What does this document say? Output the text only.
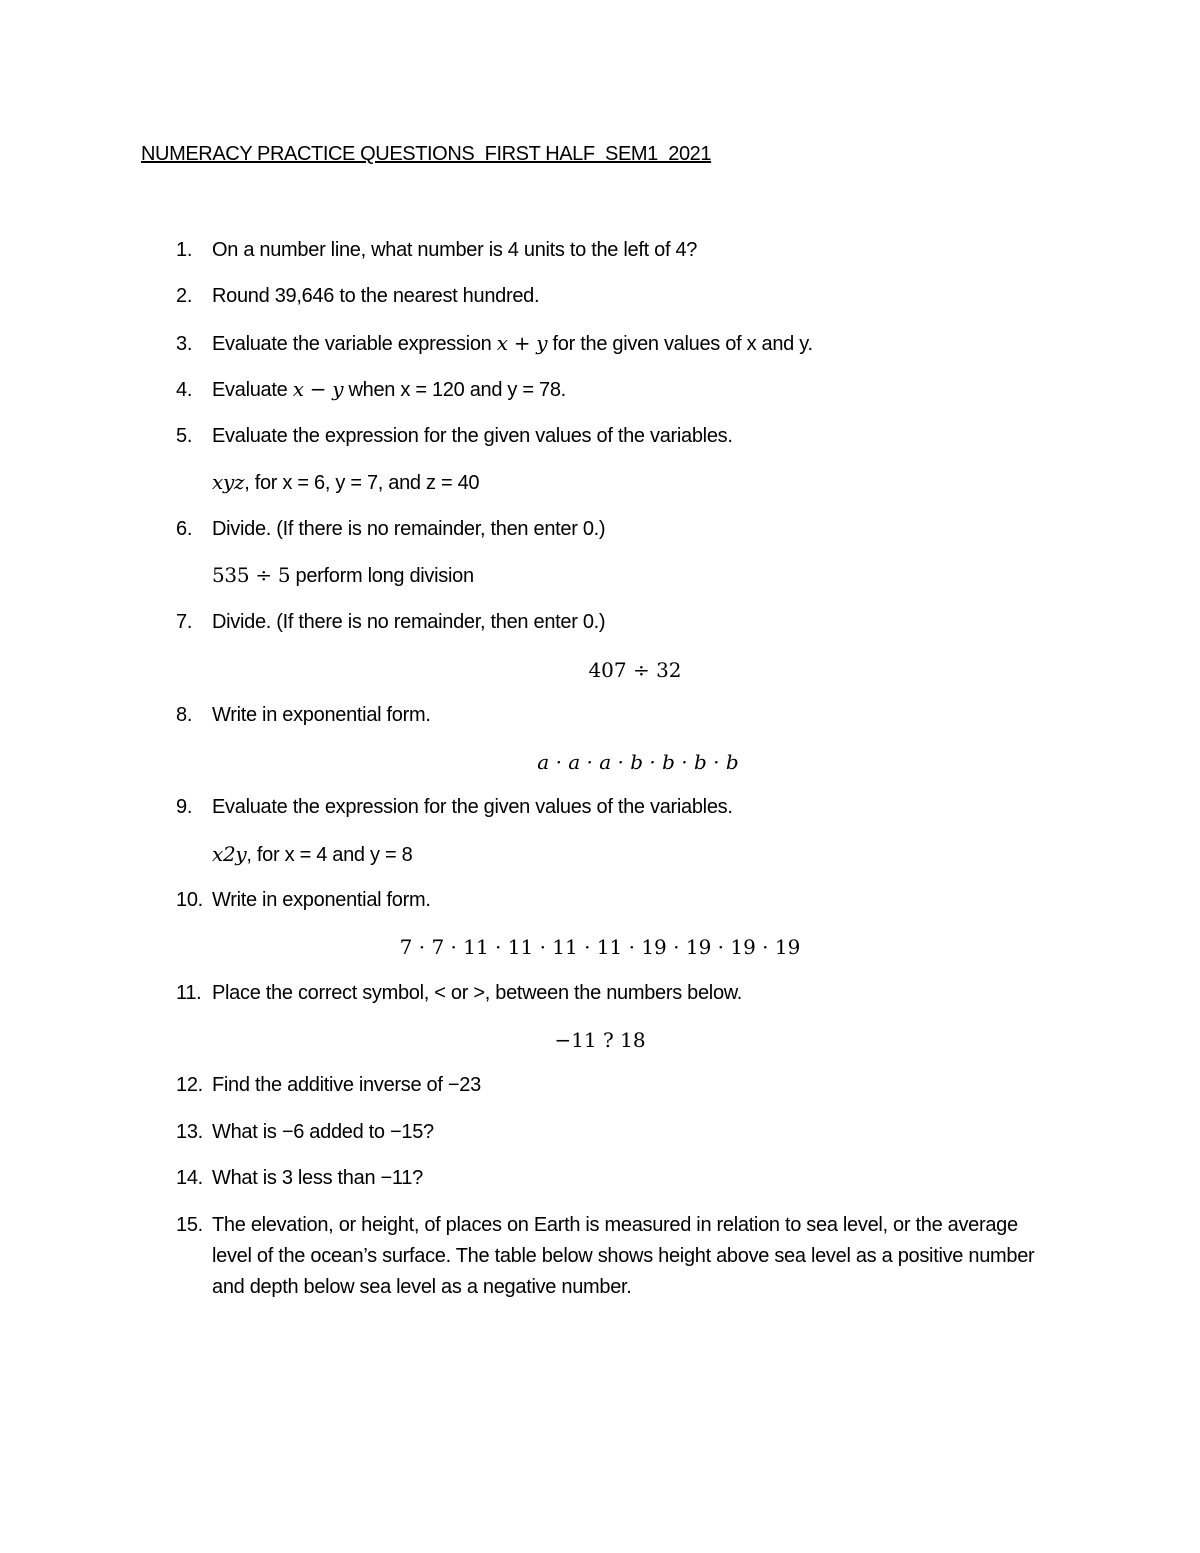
NUMERACY PRACTICE QUESTIONS  FIRST HALF  SEM1  2021
1. On a number line, what number is 4 units to the left of 4?
2. Round 39,646 to the nearest hundred.
3. Evaluate the variable expression x + y for the given values of x and y.
4. Evaluate x − y when x = 120 and y = 78.
5. Evaluate the expression for the given values of the variables.
xyz, for x = 6, y = 7, and z = 40
6. Divide. (If there is no remainder, then enter 0.)
535 ÷ 5 perform long division
7. Divide. (If there is no remainder, then enter 0.)
407 ÷ 32
8. Write in exponential form.
a · a · a · b · b · b · b
9. Evaluate the expression for the given values of the variables.
x2y, for x = 4 and y = 8
10. Write in exponential form.
7 · 7 · 11 · 11 · 11 · 11 · 19 · 19 · 19 · 19
11. Place the correct symbol, < or >, between the numbers below.
−11 ? 18
12. Find the additive inverse of −23
13. What is −6 added to −15?
14. What is 3 less than −11?
15. The elevation, or height, of places on Earth is measured in relation to sea level, or the average level of the ocean’s surface. The table below shows height above sea level as a positive number and depth below sea level as a negative number.
